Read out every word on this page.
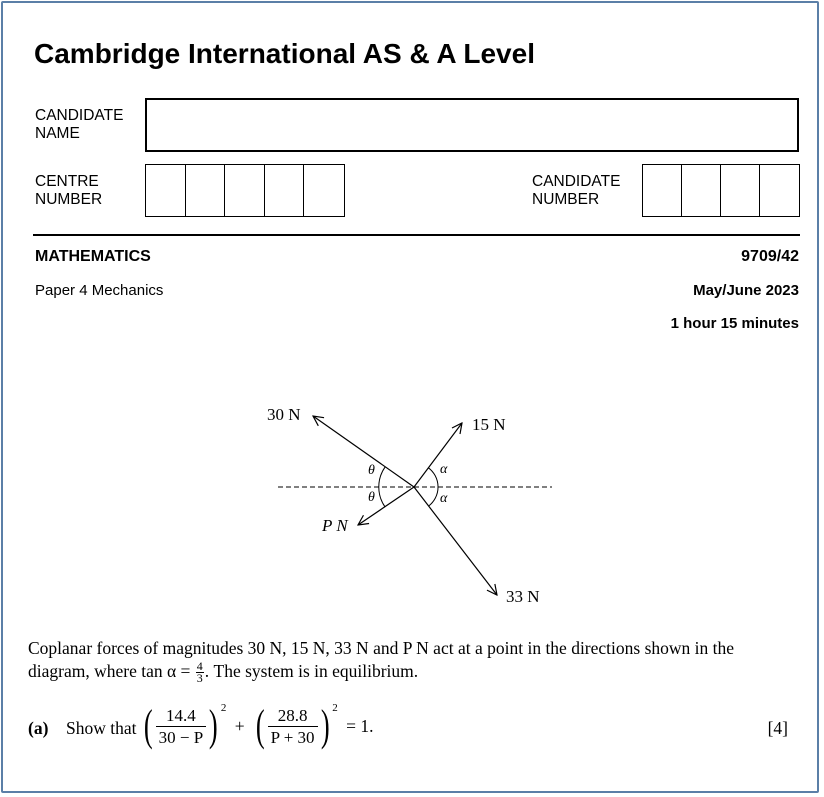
Cambridge International AS & A Level
CANDIDATE
NAME
CENTRE
NUMBER
CANDIDATE
NUMBER
MATHEMATICS	9709/42
Paper 4 Mechanics	May/June 2023
1 hour 15 minutes
30 N
15 N
33 N
P N
θ
θ
α
α
Coplanar forces of magnitudes 30 N, 15 N, 33 N and P N act at a point in the directions shown in the
diagram, where $\tan \alpha = \frac{4}{3}$ . The system is in equilibrium.
(a) Show that ( $\frac{14.4}{30 - P}$ ) $^2$ + ( $\frac{28.8}{P + 30}$ ) $^2$ = 1.	[4]
